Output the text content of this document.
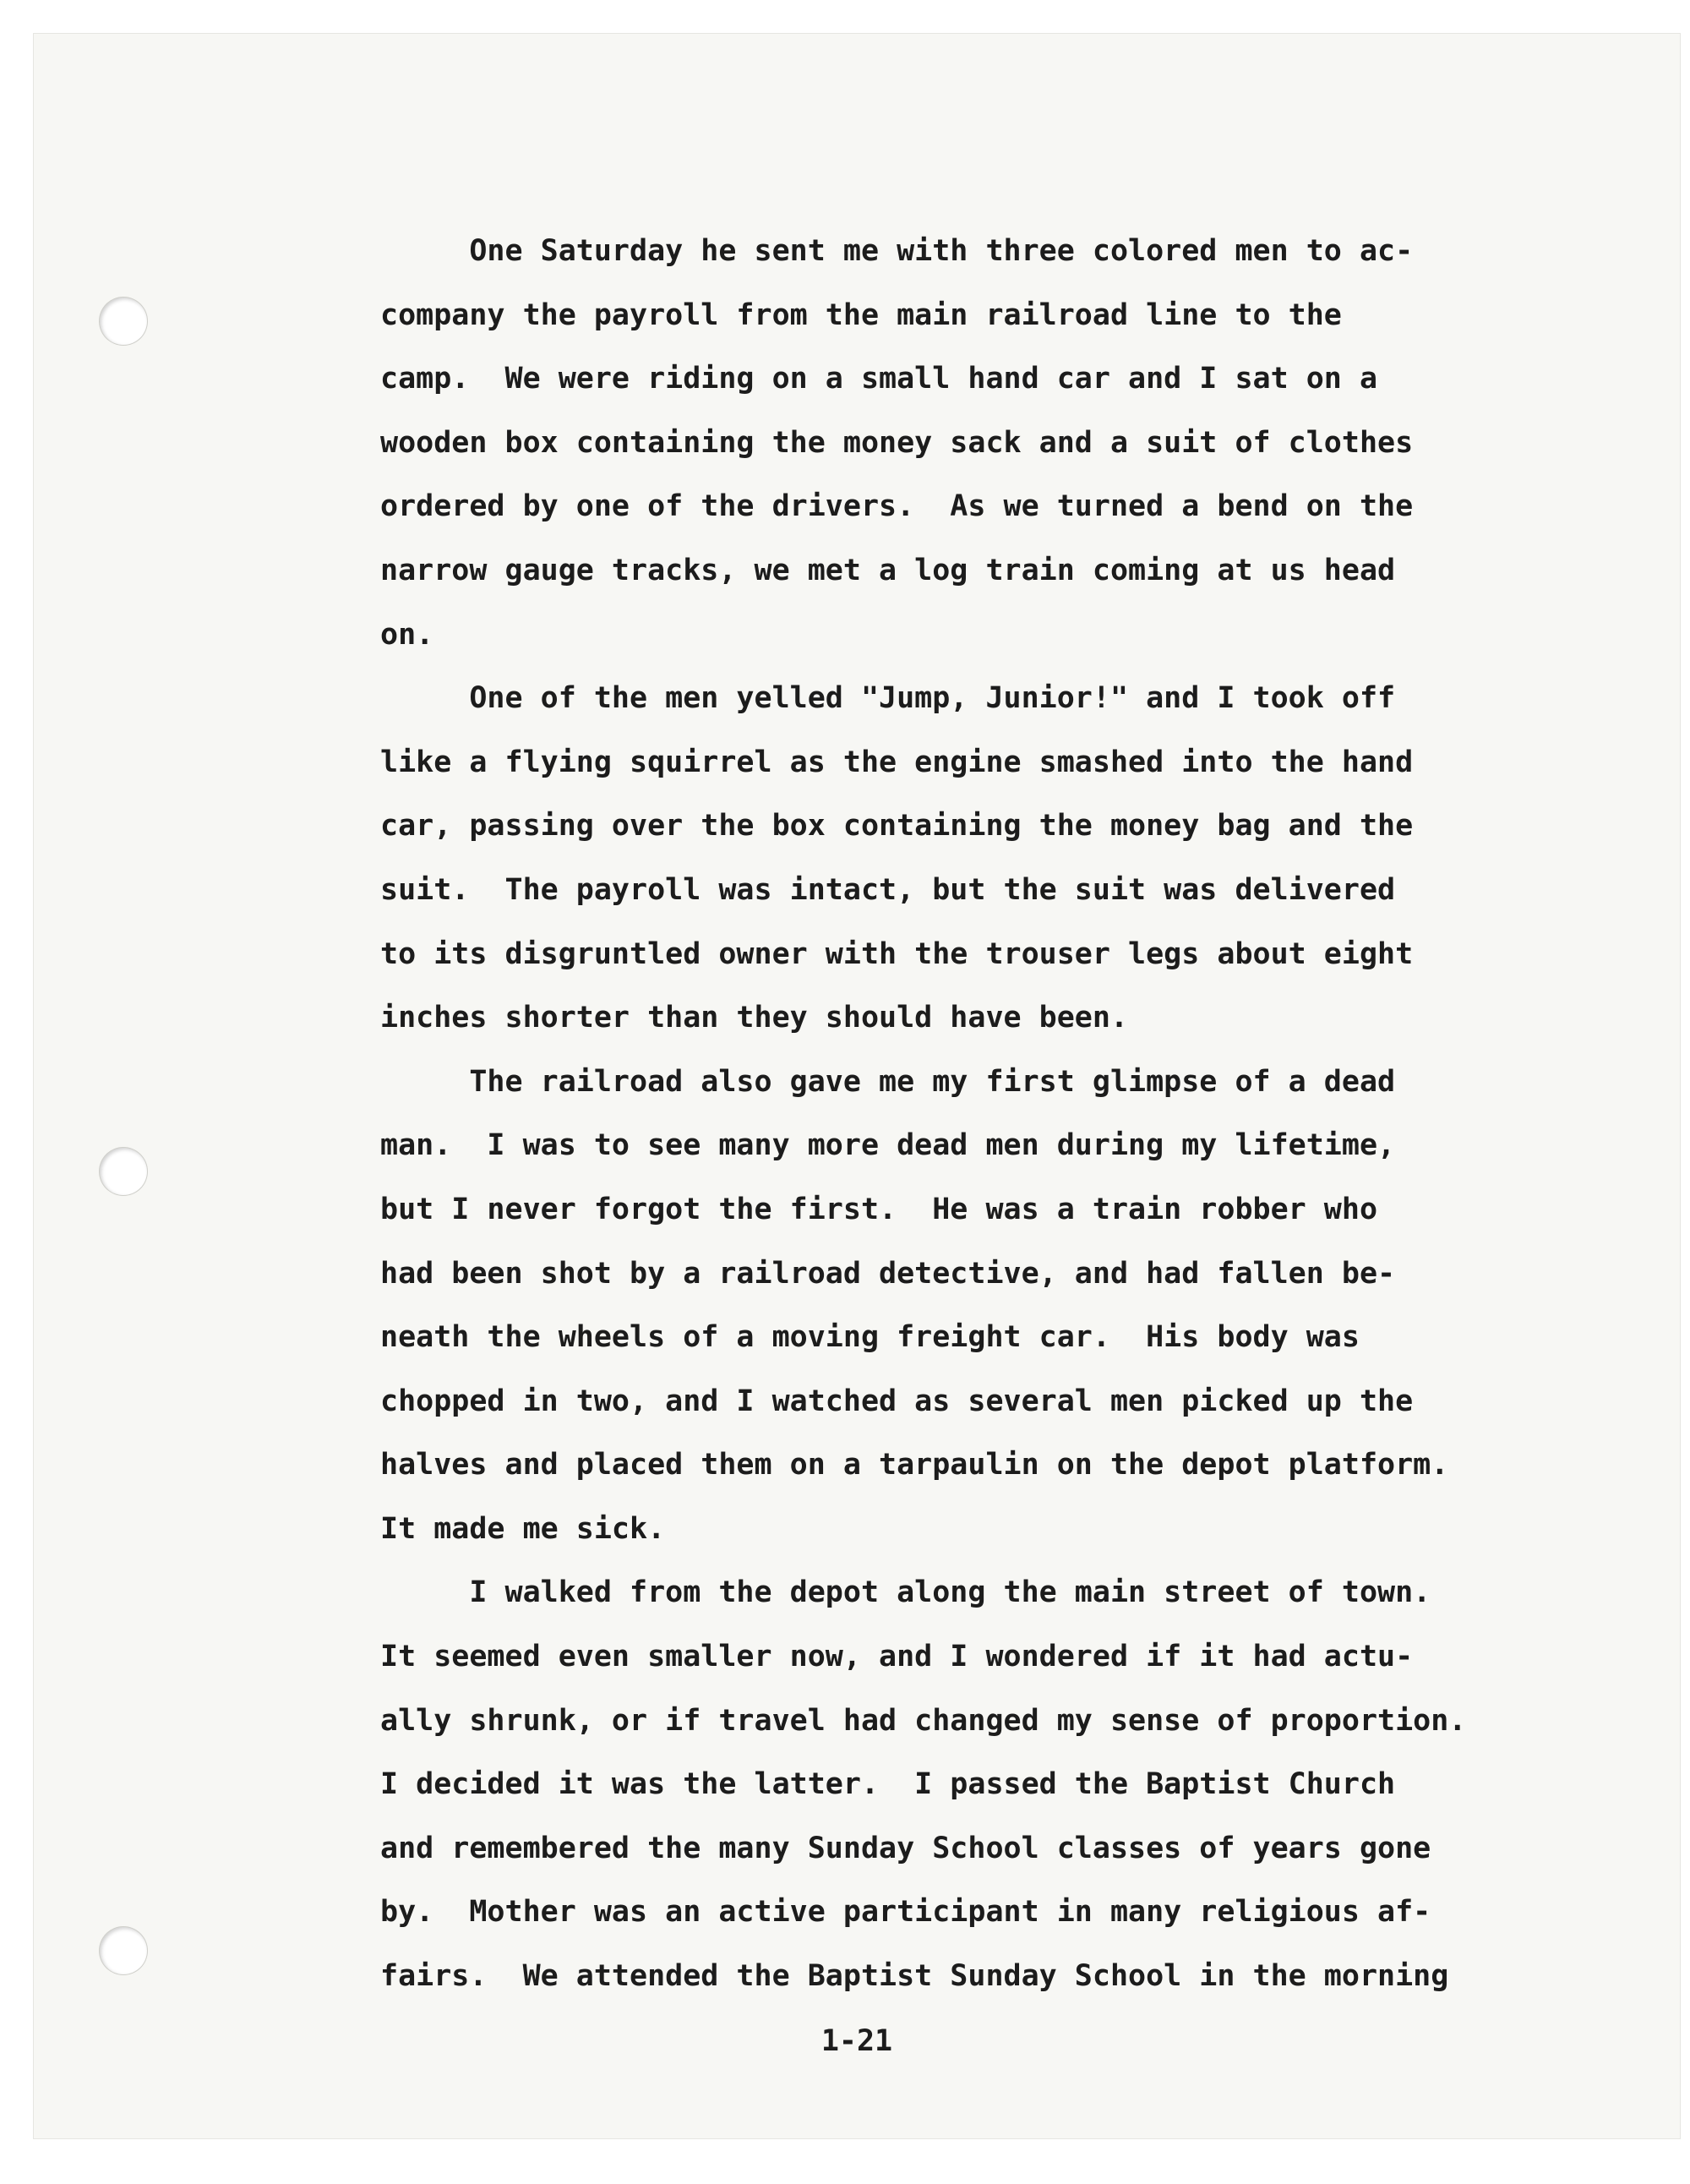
One Saturday he sent me with three colored men to ac-
company the payroll from the main railroad line to the
camp.  We were riding on a small hand car and I sat on a
wooden box containing the money sack and a suit of clothes
ordered by one of the drivers.  As we turned a bend on the
narrow gauge tracks, we met a log train coming at us head
on.
One of the men yelled "Jump, Junior!" and I took off
like a flying squirrel as the engine smashed into the hand
car, passing over the box containing the money bag and the
suit.  The payroll was intact, but the suit was delivered
to its disgruntled owner with the trouser legs about eight
inches shorter than they should have been.
The railroad also gave me my first glimpse of a dead
man.  I was to see many more dead men during my lifetime,
but I never forgot the first.  He was a train robber who
had been shot by a railroad detective, and had fallen be-
neath the wheels of a moving freight car.  His body was
chopped in two, and I watched as several men picked up the
halves and placed them on a tarpaulin on the depot platform.
It made me sick.
I walked from the depot along the main street of town.
It seemed even smaller now, and I wondered if it had actu-
ally shrunk, or if travel had changed my sense of proportion.
I decided it was the latter.  I passed the Baptist Church
and remembered the many Sunday School classes of years gone
by.  Mother was an active participant in many religious af-
fairs.  We attended the Baptist Sunday School in the morning
1-21
